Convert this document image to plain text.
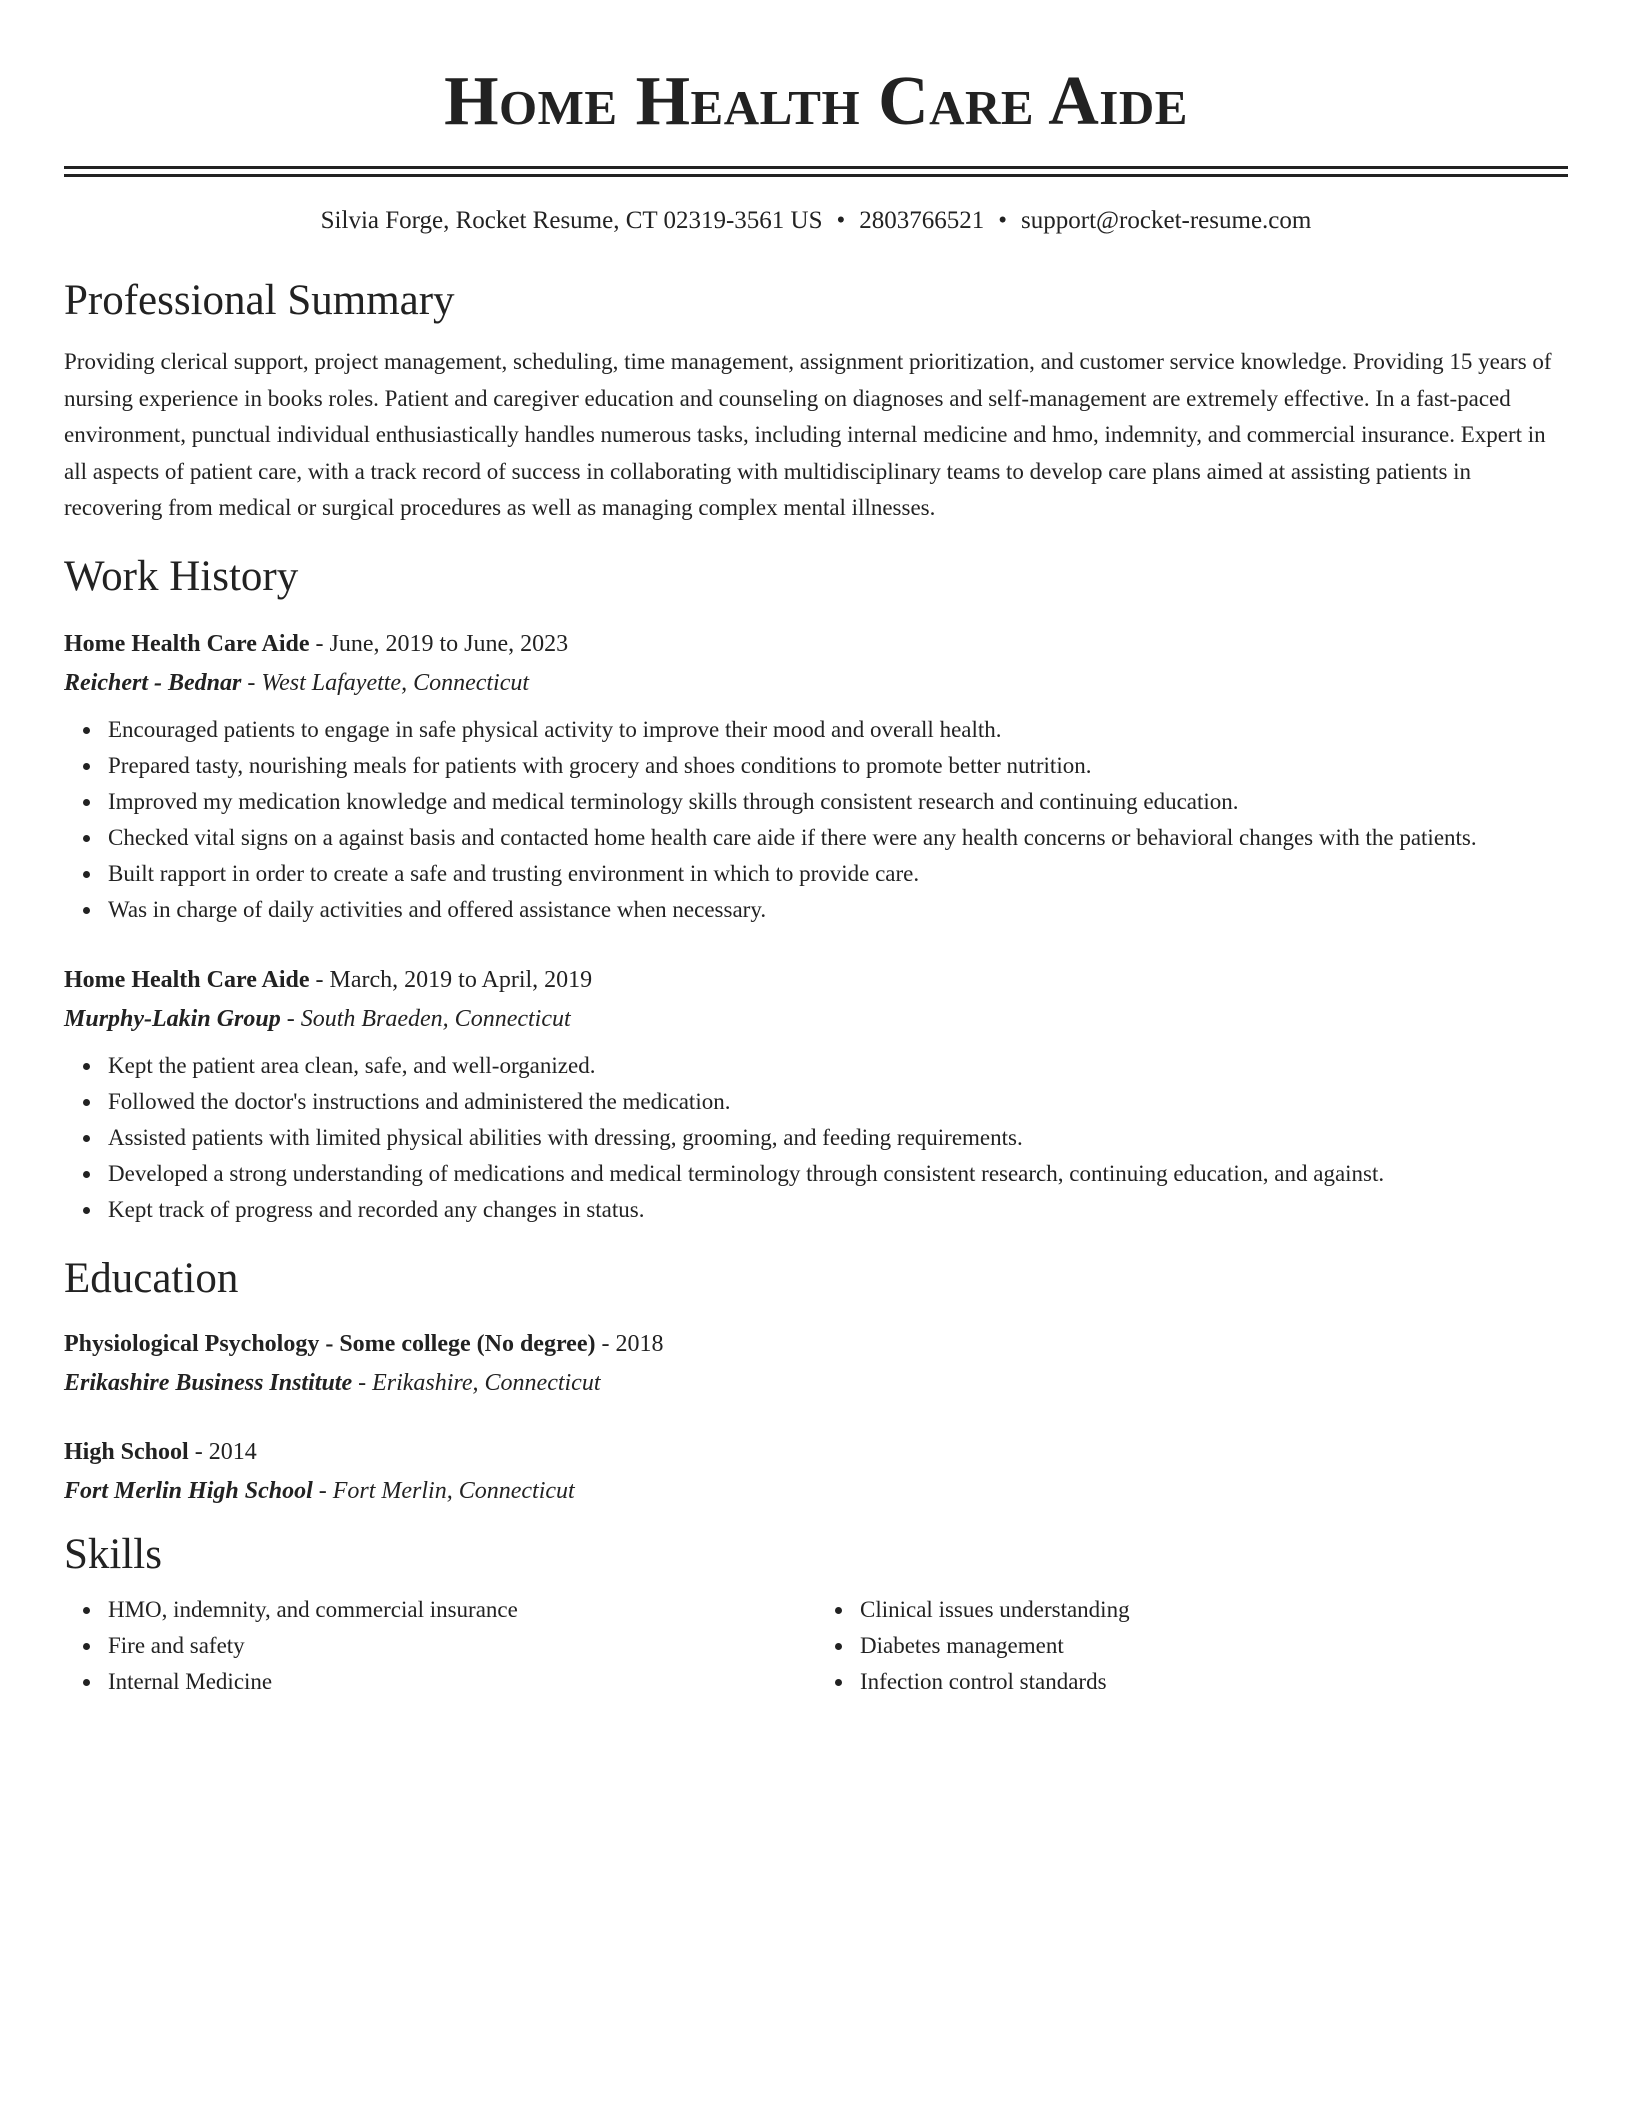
Home Health Care Aide
Silvia Forge, Rocket Resume, CT 02319-3561 US • 2803766521 • support@rocket-resume.com
Professional Summary
Providing clerical support, project management, scheduling, time management, assignment prioritization, and customer service knowledge. Providing 15 years of nursing experience in books roles. Patient and caregiver education and counseling on diagnoses and self-management are extremely effective. In a fast-paced environment, punctual individual enthusiastically handles numerous tasks, including internal medicine and hmo, indemnity, and commercial insurance. Expert in all aspects of patient care, with a track record of success in collaborating with multidisciplinary teams to develop care plans aimed at assisting patients in recovering from medical or surgical procedures as well as managing complex mental illnesses.
Work History
Home Health Care Aide - June, 2019 to June, 2023
Reichert - Bednar - West Lafayette, Connecticut
Encouraged patients to engage in safe physical activity to improve their mood and overall health.
Prepared tasty, nourishing meals for patients with grocery and shoes conditions to promote better nutrition.
Improved my medication knowledge and medical terminology skills through consistent research and continuing education.
Checked vital signs on a against basis and contacted home health care aide if there were any health concerns or behavioral changes with the patients.
Built rapport in order to create a safe and trusting environment in which to provide care.
Was in charge of daily activities and offered assistance when necessary.
Home Health Care Aide - March, 2019 to April, 2019
Murphy-Lakin Group - South Braeden, Connecticut
Kept the patient area clean, safe, and well-organized.
Followed the doctor's instructions and administered the medication.
Assisted patients with limited physical abilities with dressing, grooming, and feeding requirements.
Developed a strong understanding of medications and medical terminology through consistent research, continuing education, and against.
Kept track of progress and recorded any changes in status.
Education
Physiological Psychology - Some college (No degree) - 2018
Erikashire Business Institute - Erikashire, Connecticut
High School - 2014
Fort Merlin High School - Fort Merlin, Connecticut
Skills
HMO, indemnity, and commercial insurance
Fire and safety
Internal Medicine
Clinical issues understanding
Diabetes management
Infection control standards
